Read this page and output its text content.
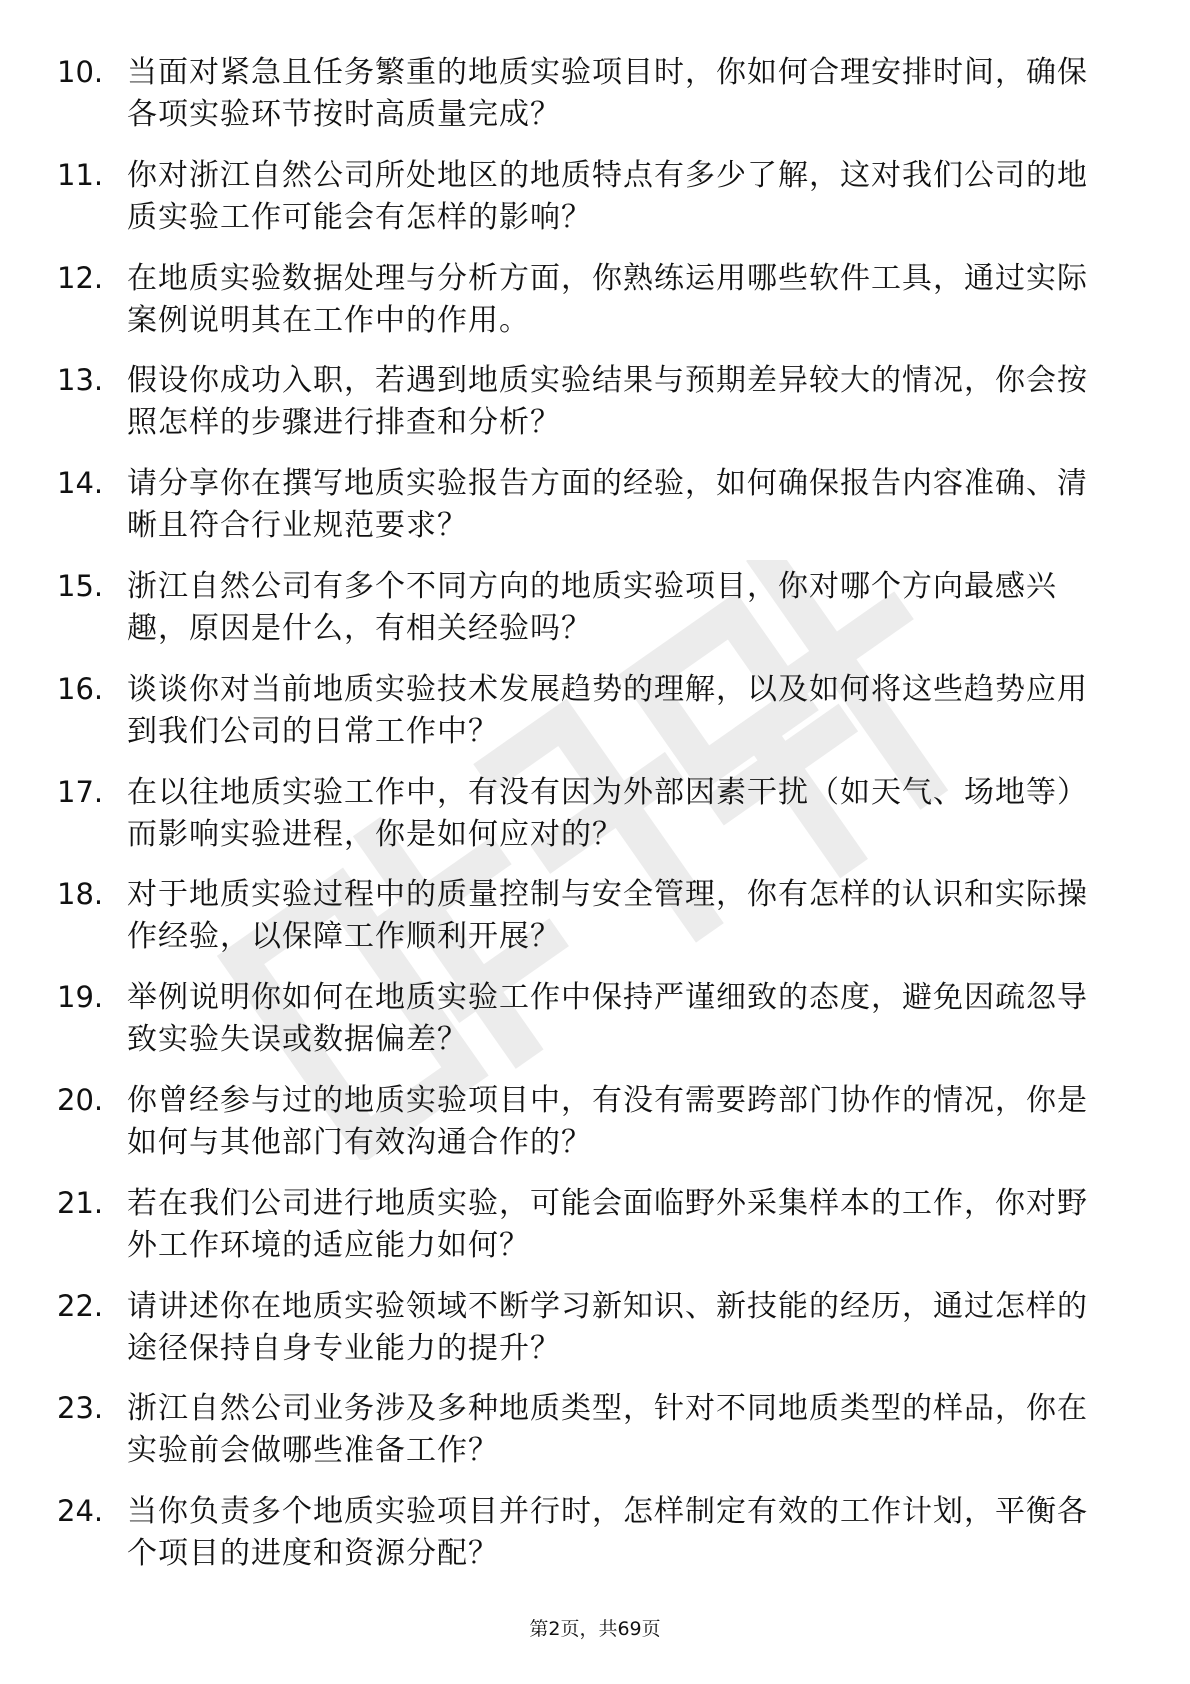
10. 当面对紧急且任务繁重的地质实验项目时，你如何合理安排时间，确保各项实验环节按时高质量完成？
11. 你对浙江自然公司所处地区的地质特点有多少了解，这对我们公司的地质实验工作可能会有怎样的影响？
12. 在地质实验数据处理与分析方面，你熟练运用哪些软件工具，通过实际案例说明其在工作中的作用。
13. 假设你成功入职，若遇到地质实验结果与预期差异较大的情况，你会按照怎样的步骤进行排查和分析？
14. 请分享你在撰写地质实验报告方面的经验，如何确保报告内容准确、清晰且符合行业规范要求？
15. 浙江自然公司有多个不同方向的地质实验项目，你对哪个方向最感兴趣，原因是什么，有相关经验吗？
16. 谈谈你对当前地质实验技术发展趋势的理解，以及如何将这些趋势应用到我们公司的日常工作中？
17. 在以往地质实验工作中，有没有因为外部因素干扰（如天气、场地等）而影响实验进程，你是如何应对的？
18. 对于地质实验过程中的质量控制与安全管理，你有怎样的认识和实际操作经验，以保障工作顺利开展？
19. 举例说明你如何在地质实验工作中保持严谨细致的态度，避免因疏忽导致实验失误或数据偏差？
20. 你曾经参与过的地质实验项目中，有没有需要跨部门协作的情况，你是如何与其他部门有效沟通合作的？
21. 若在我们公司进行地质实验，可能会面临野外采集样本的工作，你对野外工作环境的适应能力如何？
22. 请讲述你在地质实验领域不断学习新知识、新技能的经历，通过怎样的途径保持自身专业能力的提升？
23. 浙江自然公司业务涉及多种地质类型，针对不同地质类型的样品，你在实验前会做哪些准备工作？
24. 当你负责多个地质实验项目并行时，怎样制定有效的工作计划，平衡各个项目的进度和资源分配？
第2页，共69页
